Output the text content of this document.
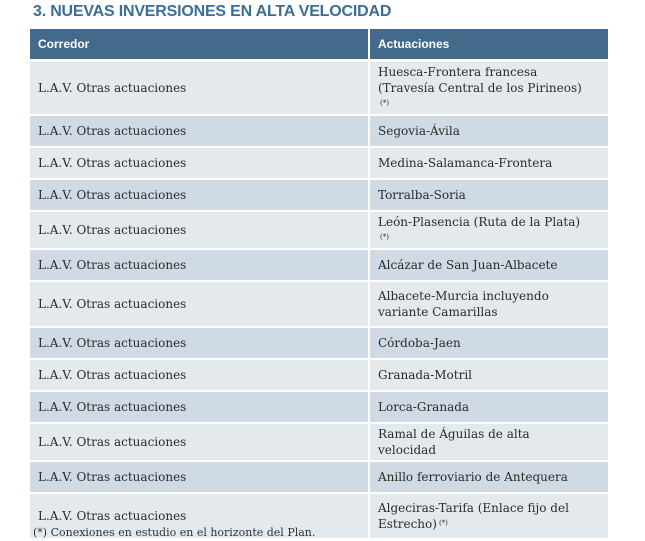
3. NUEVAS INVERSIONES EN ALTA VELOCIDAD
Corredor	Actuaciones
L.A.V. Otras actuaciones	Huesca-Frontera francesa (Travesía Central de los Pirineos)(*)
L.A.V. Otras actuaciones	Segovia-Ávila
L.A.V. Otras actuaciones	Medina-Salamanca-Frontera
L.A.V. Otras actuaciones	Torralba-Soria
L.A.V. Otras actuaciones	León-Plasencia (Ruta de la Plata)(*)
L.A.V. Otras actuaciones	Alcázar de San Juan-Albacete
L.A.V. Otras actuaciones	Albacete-Murcia incluyendo variante Camarillas
L.A.V. Otras actuaciones	Córdoba-Jaen
L.A.V. Otras actuaciones	Granada-Motril
L.A.V. Otras actuaciones	Lorca-Granada
L.A.V. Otras actuaciones	Ramal de Águilas de alta velocidad
L.A.V. Otras actuaciones	Anillo ferroviario de Antequera
L.A.V. Otras actuaciones	Algeciras-Tarifa (Enlace fijo del Estrecho) (*)

(*) Conexiones en estudio en el horizonte del Plan.
